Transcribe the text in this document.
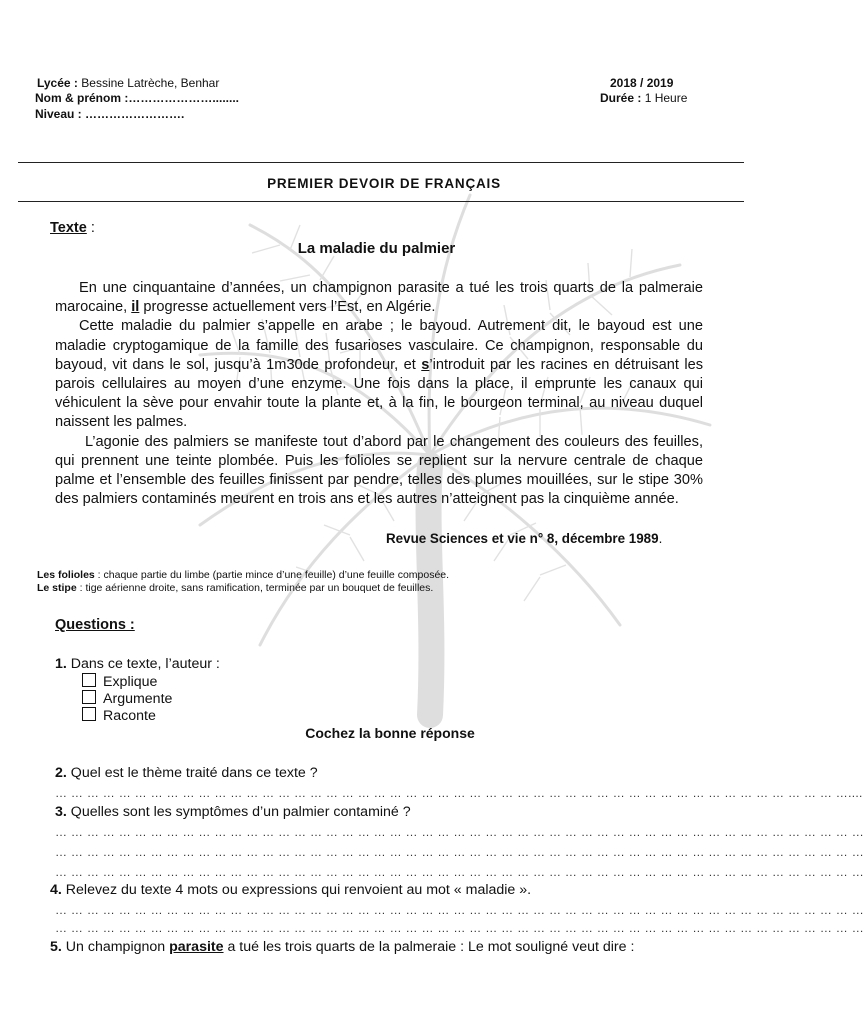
Lycée : Bessine Latrèche, Benhar
Nom & prénom :…………………........
Niveau : …………………….
2018 / 2019
Durée : 1 Heure
PREMIER DEVOIR DE FRANÇAIS
Texte :
La maladie du palmier

En une cinquantaine d’années, un champignon parasite a tué les trois quarts de la palmeraie marocaine, il progresse actuellement vers l’Est, en Algérie.

Cette maladie du palmier s’appelle en arabe ; le bayoud. Autrement dit, le bayoud est une maladie cryptogamique de la famille des fusarioses vasculaire. Ce champignon, responsable du bayoud, vit dans le sol, jusqu’à 1m30de profondeur, et s’introduit par les racines en détruisant les parois cellulaires au moyen d’une enzyme. Une fois dans la place, il emprunte les canaux qui véhiculent la sève pour envahir toute la plante et, à la fin, le bourgeon terminal, au niveau duquel naissent les palmes.

L’agonie des palmiers se manifeste tout d’abord par le changement des couleurs des feuilles, qui prennent une teinte plombée. Puis les folioles se replient sur la nervure centrale de chaque palme et l’ensemble des feuilles finissent par pendre, telles des plumes mouillées, sur le stipe 30% des palmiers contaminés meurent en trois ans et les autres n’atteignent pas la cinquième année.

Revue Sciences et vie n° 8, décembre 1989.
Les folioles : chaque partie du limbe (partie mince d’une feuille) d’une feuille composée.
Le stipe : tige aérienne droite, sans ramification, terminée par un bouquet de feuilles.
Questions :
1. Dans ce texte, l’auteur :
Explique
Argumente
Raconte
Cochez la bonne réponse
2. Quel est le thème traité dans ce texte ?
… … … … … … … … … … … … … … … … … … … … … … … … … … … … … … … … … … … … … … … … … … … … … … … … … …....
3. Quelles sont les symptômes d’un palmier contaminé ?
… … … … … … … … … … … … … … … … … … … … … … … … … … … … … … … … … … … … … … … … … … … … … … … … … … …
… … … … … … … … … … … … … … … … … … … … … … … … … … … … … … … … … … … … … … … … … … … … … … … … … … …
… … … … … … … … … … … … … … … … … … … … … … … … … … … … … … … … … … … … … … … … … … … … … … … … … … …
4. Relevez du texte 4 mots ou expressions qui renvoient au mot « maladie ».
… … … … … … … … … … … … … … … … … … … … … … … … … … … … … … … … … … … … … … … … … … … … … … … … … … …
… … … … … … … … … … … … … … … … … … … … … … … … … … … … … … … … … … … … … … … … … … … … … … … … … … …
5. Un champignon parasite a tué les trois quarts de la palmeraie : Le mot souligné veut dire :
